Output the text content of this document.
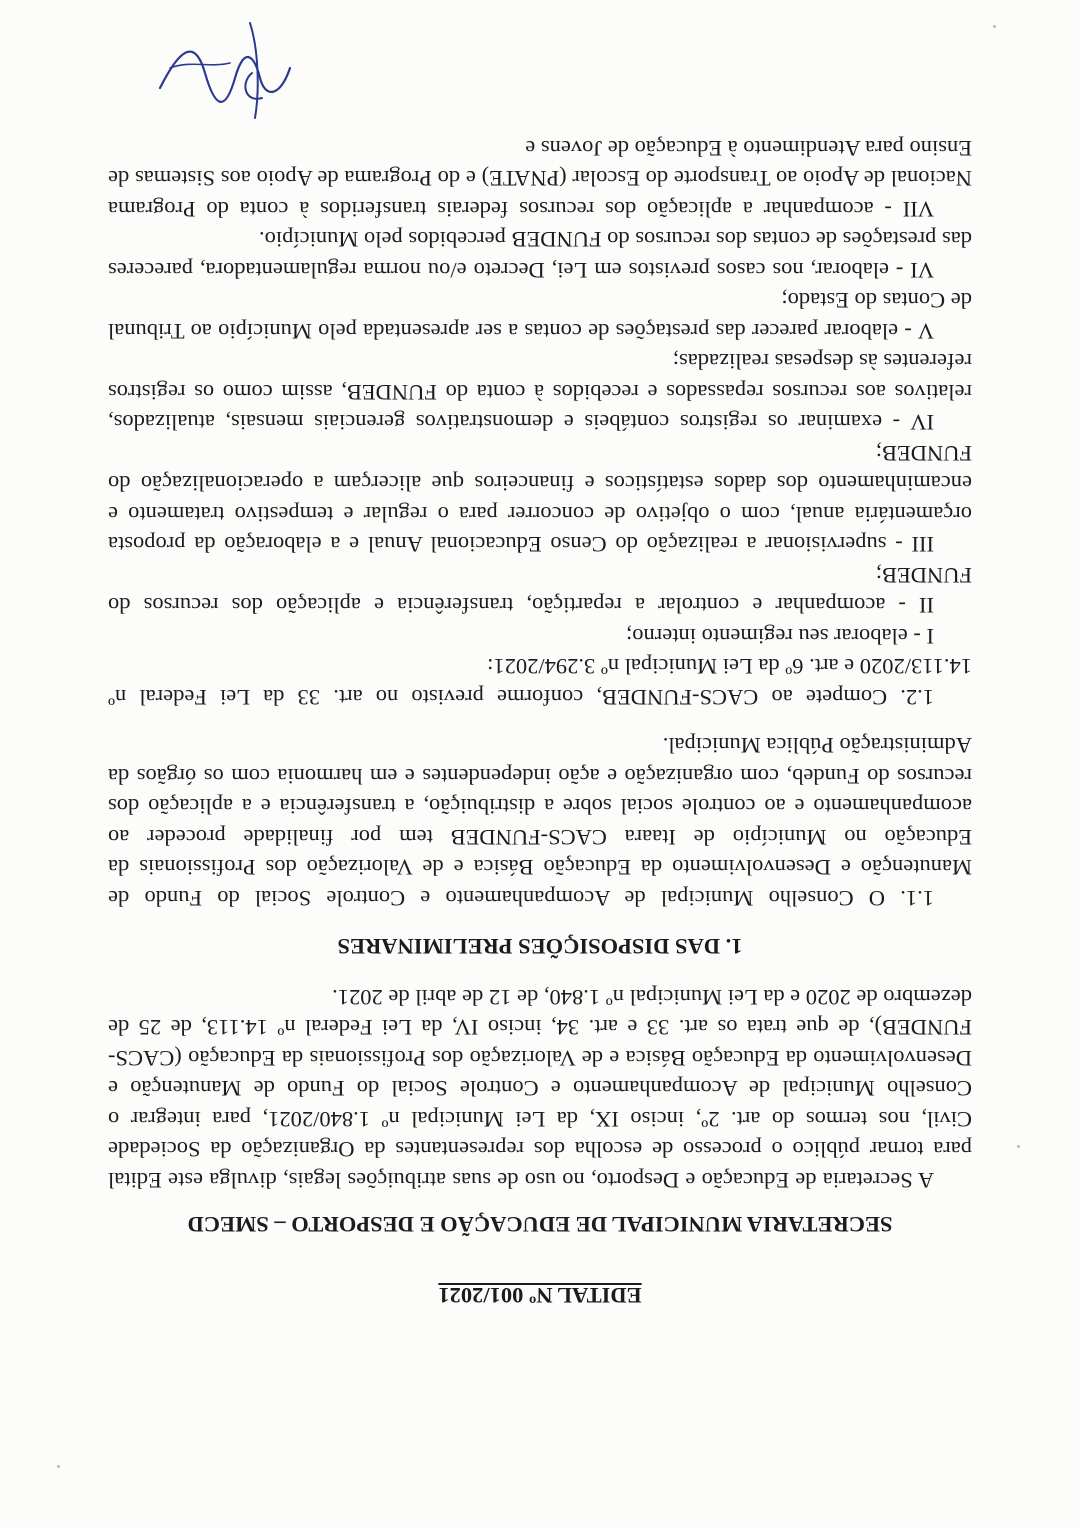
EDITAL Nº 001/2021
SECRETARIA MUNICIPAL DE EDUCAÇÃO E DESPORTO – SMECD

A Secretaria de Educação e Desporto, no uso de suas atribuições legais, divulga este Edital para tornar público o processo de escolha dos representantes da Organização da Sociedade Civil, nos termos do art. 2º, inciso IX, da Lei Municipal nº 1.840/2021, para integrar o Conselho Municipal de Acompanhamento e Controle Social do Fundo de Manutenção e Desenvolvimento da Educação Básica e de Valorização dos Profissionais da Educação (CACS-FUNDEB), de que trata os art. 33 e art. 34, inciso IV, da Lei Federal nº 14.113, de 25 de dezembro de 2020 e da Lei Municipal nº 1.840, de 12 de abril de 2021.

1. DAS DISPOSIÇÕES PRELIMINARES

1.1. O Conselho Municipal de Acompanhamento e Controle Social do Fundo de Manutenção e Desenvolvimento da Educação Básica e de Valorização dos Profissionais da Educação no Município de Itaara CACS-FUNDEB tem por finalidade proceder ao acompanhamento e ao controle social sobre a distribuição, a transferência e a aplicação dos recursos do Fundeb, com organização e ação independentes e em harmonia com os órgãos da Administração Pública Municipal.

1.2. Compete ao CACS-FUNDEB, conforme previsto no art. 33 da Lei Federal nº 14.113/2020 e art. 6º da Lei Municipal nº 3.294/2021:

I - elaborar seu regimento interno;

II - acompanhar e controlar a repartição, transferência e aplicação dos recursos do FUNDEB;

III - supervisionar a realização do Censo Educacional Anual e a elaboração da proposta orçamentária anual, com o objetivo de concorrer para o regular e tempestivo tratamento e encaminhamento dos dados estatísticos e financeiros que alicerçam a operacionalização do FUNDEB;

IV - examinar os registros contábeis e demonstrativos gerenciais mensais, atualizados, relativos aos recursos repassados e recebidos à conta do FUNDEB, assim como os registros referentes às despesas realizadas;

V - elaborar parecer das prestações de contas a ser apresentada pelo Município ao Tribunal de Contas do Estado;

VI - elaborar, nos casos previstos em Lei, Decreto e/ou norma regulamentadora, pareceres das prestações de contas dos recursos do FUNDEB percebidos pelo Município.

VII - acompanhar a aplicação dos recursos federais transferidos à conta do Programa Nacional de Apoio ao Transporte do Escolar (PNATE) e do Programa de Apoio aos Sistemas de Ensino para Atendimento à Educação de Jovens e
